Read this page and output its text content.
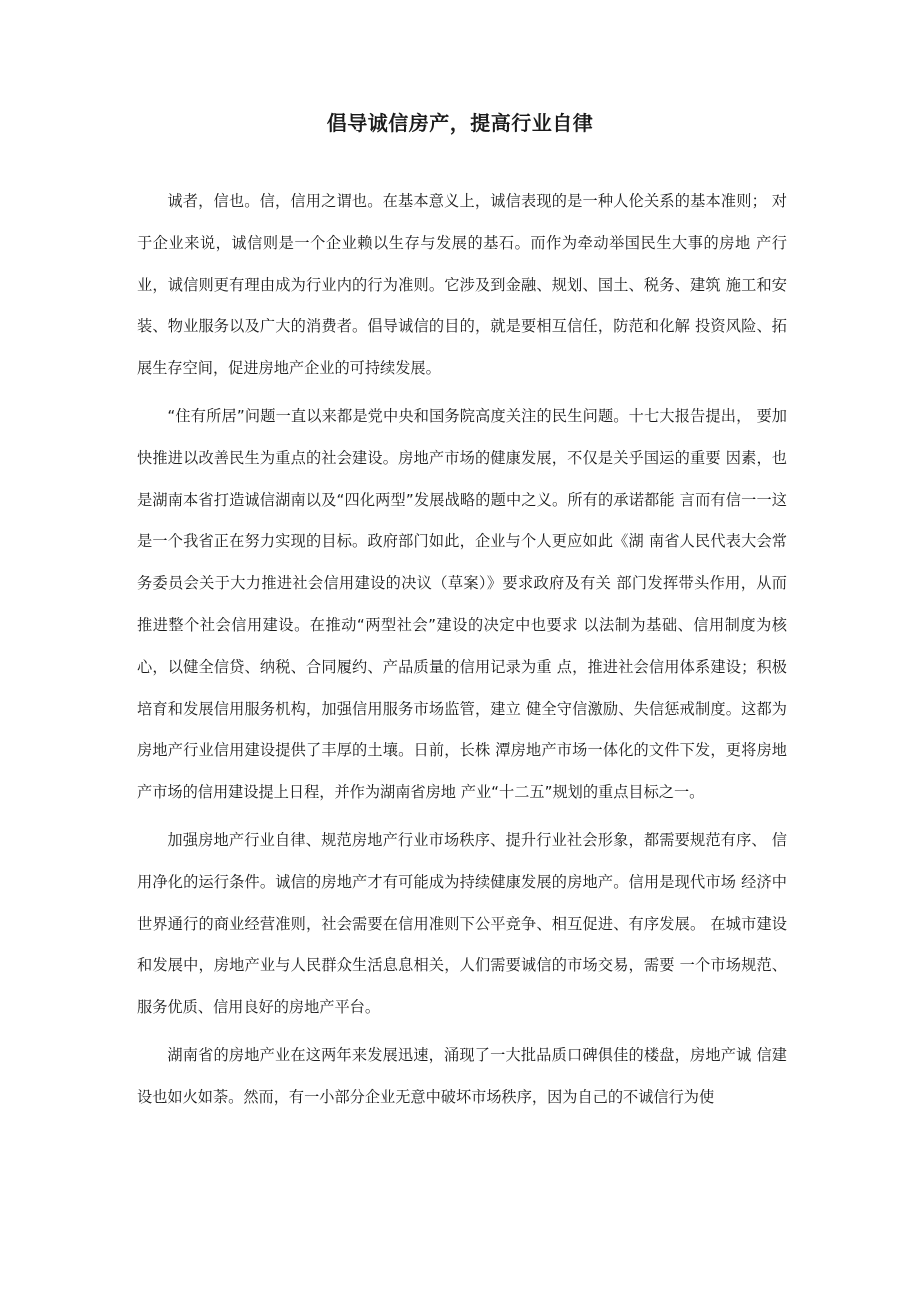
倡导诚信房产，提高行业自律

诚者，信也。信，信用之谓也。在基本意义上，诚信表现的是一种人伦关系的基本准则； 对于企业来说，诚信则是一个企业赖以生存与发展的基石。而作为牵动举国民生大事的房地 产行业，诚信则更有理由成为行业内的行为准则。它涉及到金融、规划、国土、税务、建筑 施工和安装、物业服务以及广大的消费者。倡导诚信的目的，就是要相互信任，防范和化解 投资风险、拓展生存空间，促进房地产企业的可持续发展。

“住有所居”问题一直以来都是党中央和国务院高度关注的民生问题。十七大报告提出， 要加快推进以改善民生为重点的社会建设。房地产市场的健康发展，不仅是关乎国运的重要 因素，也是湖南本省打造诚信湖南以及“四化两型”发展战略的题中之义。所有的承诺都能 言而有信一一这是一个我省正在努力实现的目标。政府部门如此，企业与个人更应如此《湖 南省人民代表大会常务委员会关于大力推进社会信用建设的决议（草案）》要求政府及有关 部门发挥带头作用，从而推进整个社会信用建设。在推动“两型社会”建设的决定中也要求 以法制为基础、信用制度为核心，以健全信贷、纳税、合同履约、产品质量的信用记录为重 点，推进社会信用体系建设；积极培育和发展信用服务机构，加强信用服务市场监管，建立 健全守信激励、失信惩戒制度。这都为房地产行业信用建设提供了丰厚的土壤。日前，长株 潭房地产市场一体化的文件下发，更将房地产市场的信用建设提上日程，并作为湖南省房地 产业“十二五”规划的重点目标之一。

加强房地产行业自律、规范房地产行业市场秩序、提升行业社会形象，都需要规范有序、 信用净化的运行条件。诚信的房地产才有可能成为持续健康发展的房地产。信用是现代市场 经济中世界通行的商业经营准则，社会需要在信用准则下公平竞争、相互促进、有序发展。 在城市建设和发展中，房地产业与人民群众生活息息相关，人们需要诚信的市场交易，需要 一个市场规范、服务优质、信用良好的房地产平台。

湖南省的房地产业在这两年来发展迅速，涌现了一大批品质口碑俱佳的楼盘，房地产诚 信建设也如火如荼。然而，有一小部分企业无意中破坏市场秩序，因为自己的不诚信行为使
